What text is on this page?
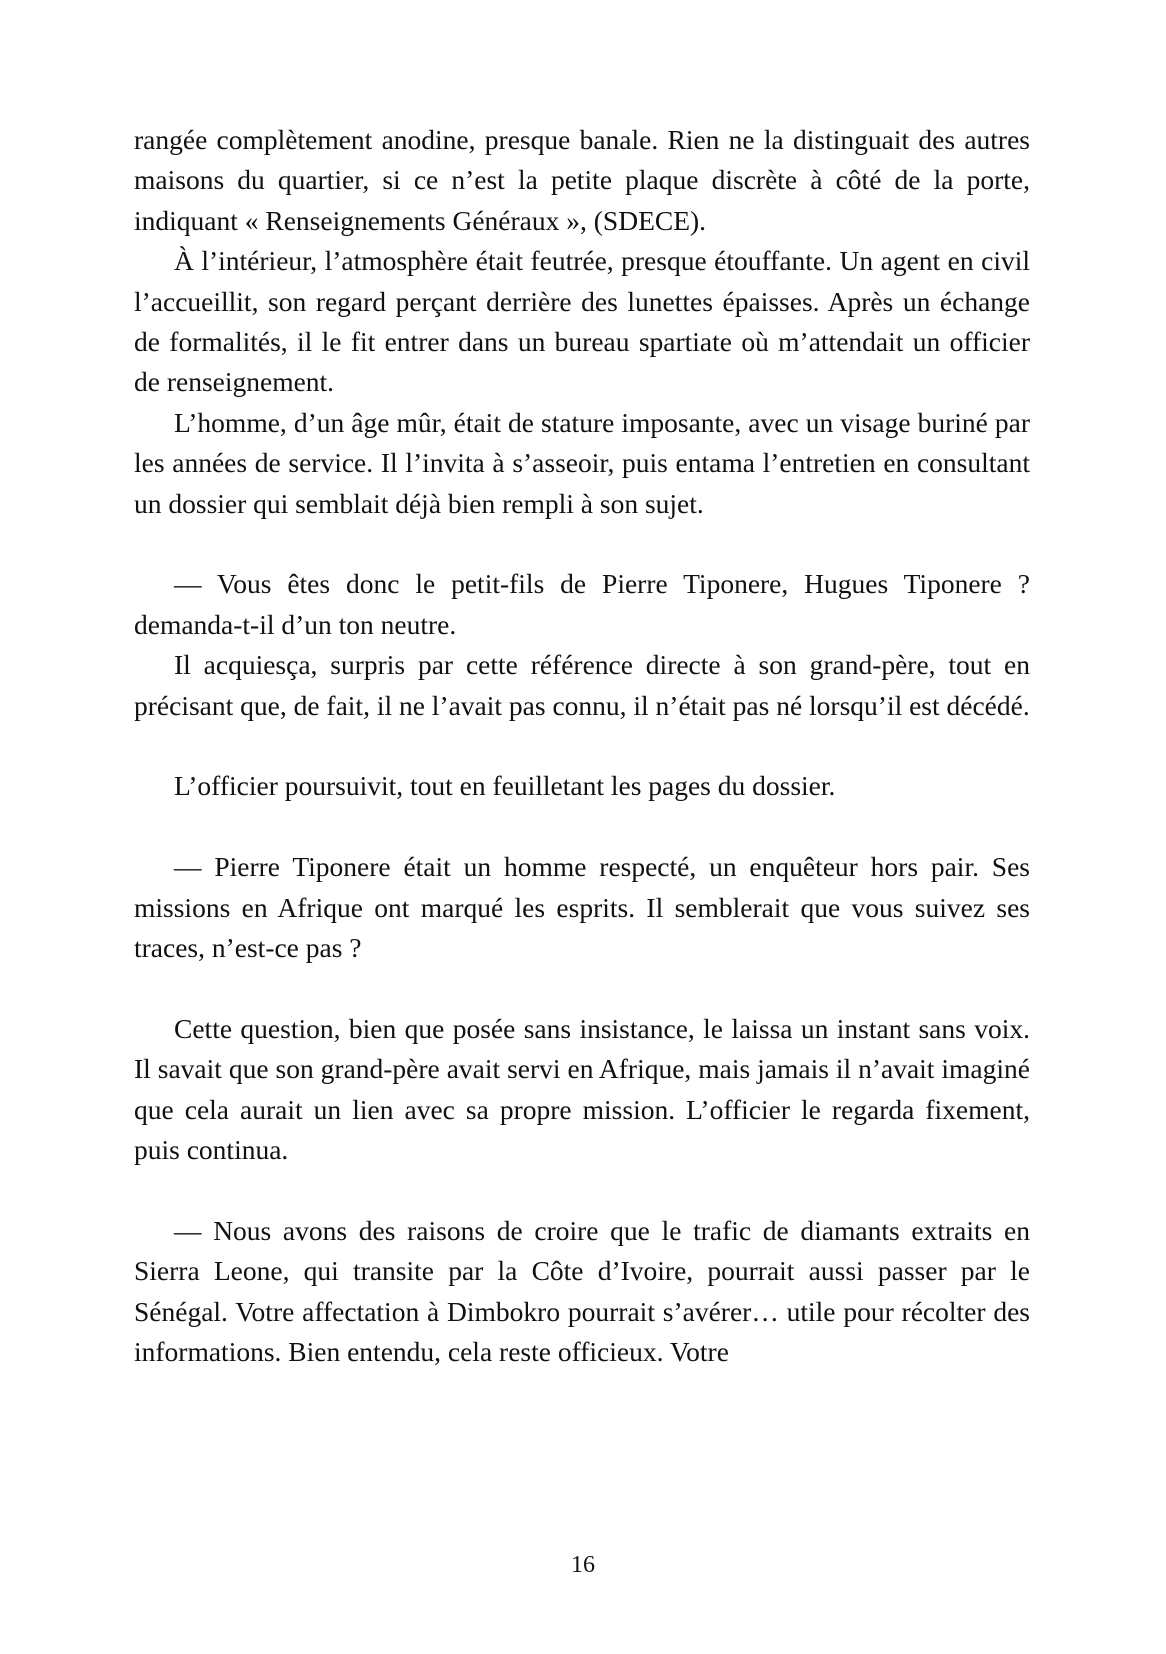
rangée complètement anodine, presque banale. Rien ne la distinguait des autres maisons du quartier, si ce n’est la petite plaque discrète à côté de la porte, indiquant « Renseignements Généraux », (SDECE).

À l’intérieur, l’atmosphère était feutrée, presque étouffante. Un agent en civil l’accueillit, son regard perçant derrière des lunettes épaisses. Après un échange de formalités, il le fit entrer dans un bureau spartiate où m’attendait un officier de renseignement.

L’homme, d’un âge mûr, était de stature imposante, avec un visage buriné par les années de service. Il l’invita à s’asseoir, puis entama l’entretien en consultant un dossier qui semblait déjà bien rempli à son sujet.

— Vous êtes donc le petit-fils de Pierre Tiponere, Hugues Tiponere ? demanda-t-il d’un ton neutre.

Il acquiesça, surpris par cette référence directe à son grand-père, tout en précisant que, de fait, il ne l’avait pas connu, il n’était pas né lorsqu’il est décédé.

L’officier poursuivit, tout en feuilletant les pages du dossier.

— Pierre Tiponere était un homme respecté, un enquêteur hors pair. Ses missions en Afrique ont marqué les esprits. Il semblerait que vous suivez ses traces, n’est-ce pas ?

Cette question, bien que posée sans insistance, le laissa un instant sans voix. Il savait que son grand-père avait servi en Afrique, mais jamais il n’avait imaginé que cela aurait un lien avec sa propre mission. L’officier le regarda fixement, puis continua.

— Nous avons des raisons de croire que le trafic de diamants extraits en Sierra Leone, qui transite par la Côte d’Ivoire, pourrait aussi passer par le Sénégal. Votre affectation à Dimbokro pourrait s’avérer… utile pour récolter des informations. Bien entendu, cela reste officieux. Votre

16
